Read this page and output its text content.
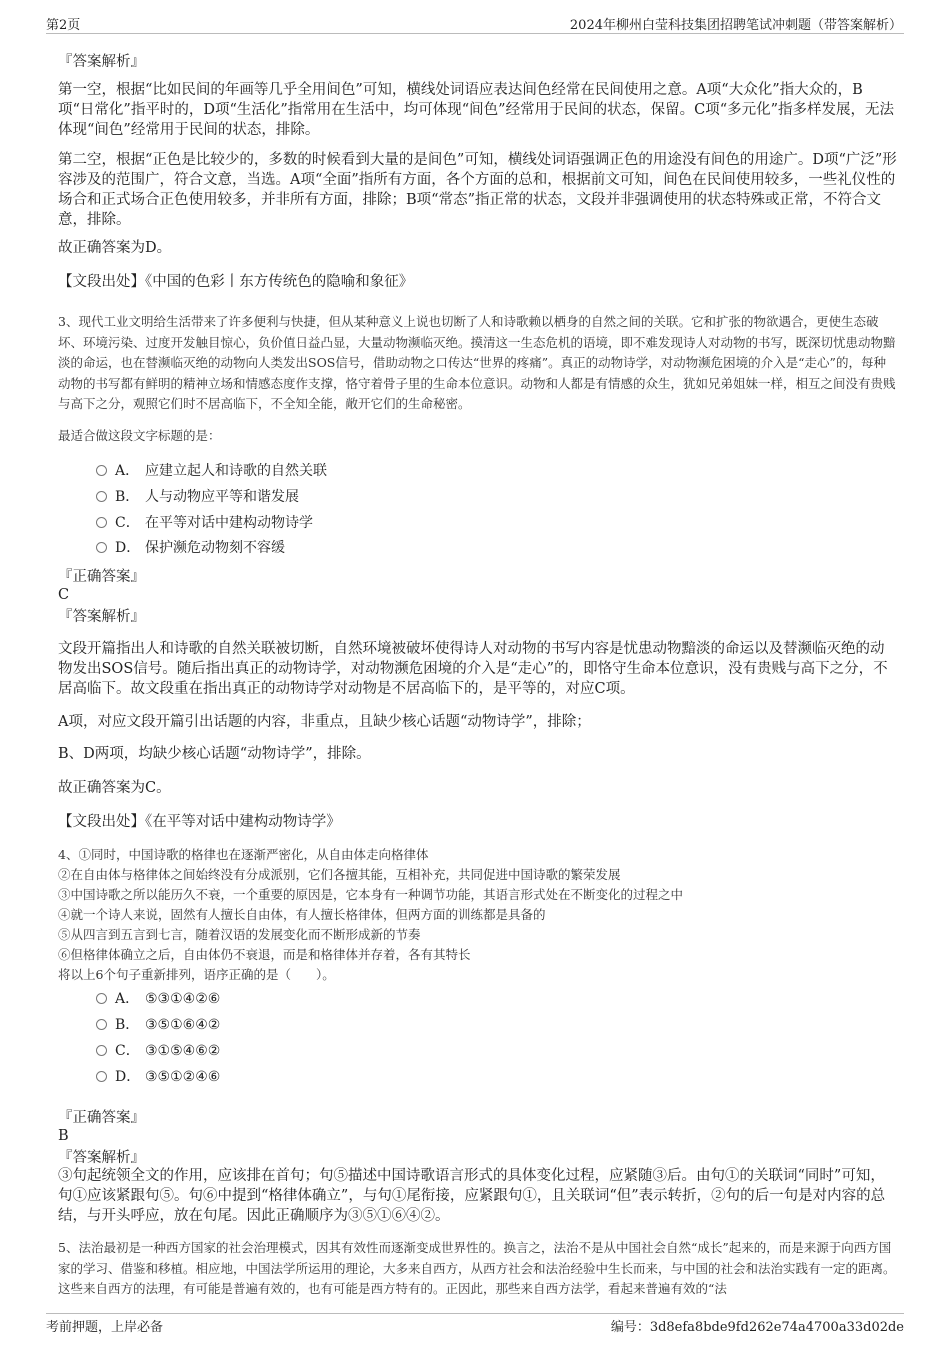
第2页	2024年柳州白莹科技集团招聘笔试冲刺题（带答案解析）

『答案解析』

第一空，根据“比如民间的年画等几乎全用间色”可知，横线处词语应表达间色经常在民间使用之意。A项“大众化”指大众的，B项“日常化”指平时的，D项“生活化”指常用在生活中，均可体现“间色”经常用于民间的状态，保留。C项“多元化”指多样发展，无法体现“间色”经常用于民间的状态，排除。

第二空，根据“正色是比较少的，多数的时候看到大量的是间色”可知，横线处词语强调正色的用途没有间色的用途广。D项“广泛”形容涉及的范围广，符合文意，当选。A项“全面”指所有方面，各个方面的总和，根据前文可知，间色在民间使用较多，一些礼仪性的场合和正式场合正色使用较多，并非所有方面，排除；B项“常态”指正常的状态，文段并非强调使用的状态特殊或正常，不符合文意，排除。

故正确答案为D。

【文段出处】《中国的色彩丨东方传统色的隐喻和象征》

3、现代工业文明给生活带来了许多便利与快捷，但从某种意义上说也切断了人和诗歌赖以栖身的自然之间的关联。它和扩张的物欲遇合，更使生态破坏、环境污染、过度开发触目惊心，负价值日益凸显，大量动物濒临灭绝。摸清这一生态危机的语境，即不难发现诗人对动物的书写，既深切忧患动物黯淡的命运，也在替濒临灭绝的动物向人类发出SOS信号，借助动物之口传达“世界的疼痛”。真正的动物诗学，对动物濒危困境的介入是“走心”的，每种动物的书写都有鲜明的精神立场和情感态度作支撑，恪守着骨子里的生命本位意识。动物和人都是有情感的众生，犹如兄弟姐妹一样，相互之间没有贵贱与高下之分，观照它们时不居高临下，不全知全能，敞开它们的生命秘密。

最适合做这段文字标题的是：

A． 应建立起人和诗歌的自然关联
B． 人与动物应平等和谐发展
C． 在平等对话中建构动物诗学
D． 保护濒危动物刻不容缓

『正确答案』

C

『答案解析』

文段开篇指出人和诗歌的自然关联被切断，自然环境被破坏使得诗人对动物的书写内容是忧患动物黯淡的命运以及替濒临灭绝的动物发出SOS信号。随后指出真正的动物诗学，对动物濒危困境的介入是“走心”的，即恪守生命本位意识，没有贵贱与高下之分，不居高临下。故文段重在指出真正的动物诗学对动物是不居高临下的，是平等的，对应C项。

A项，对应文段开篇引出话题的内容，非重点，且缺少核心话题“动物诗学”，排除；

B、D两项，均缺少核心话题“动物诗学”，排除。

故正确答案为C。

【文段出处】《在平等对话中建构动物诗学》

4、①同时，中国诗歌的格律也在逐渐严密化，从自由体走向格律体

②在自由体与格律体之间始终没有分成派别，它们各擅其能，互相补充，共同促进中国诗歌的繁荣发展

③中国诗歌之所以能历久不衰，一个重要的原因是，它本身有一种调节功能，其语言形式处在不断变化的过程之中

④就一个诗人来说，固然有人擅长自由体，有人擅长格律体，但两方面的训练都是具备的

⑤从四言到五言到七言，随着汉语的发展变化而不断形成新的节奏

⑥但格律体确立之后，自由体仍不衰退，而是和格律体并存着，各有其特长

将以上6个句子重新排列，语序正确的是（　　）。

A． ⑤③①④②⑥
B． ③⑤①⑥④②
C． ③①⑤④⑥②
D． ③⑤①②④⑥

『正确答案』

B

『答案解析』

③句起统领全文的作用，应该排在首句；句⑤描述中国诗歌语言形式的具体变化过程，应紧随③后。由句①的关联词“同时”可知，句①应该紧跟句⑤。句⑥中提到“格律体确立”，与句①尾衔接，应紧跟句①，且关联词“但”表示转折，②句的后一句是对内容的总结，与开头呼应，放在句尾。因此正确顺序为③⑤①⑥④②。

5、法治最初是一种西方国家的社会治理模式，因其有效性而逐渐变成世界性的。换言之，法治不是从中国社会自然“成长”起来的，而是来源于向西方国家的学习、借鉴和移植。相应地，中国法学所运用的理论，大多来自西方，从西方社会和法治经验中生长而来，与中国的社会和法治实践有一定的距离。这些来自西方的法理，有可能是普遍有效的，也有可能是西方特有的。正因此，那些来自西方法学，看起来普遍有效的“法

考前押题，上岸必备	编号：3d8efa8bde9fd262e74a4700a33d02de
